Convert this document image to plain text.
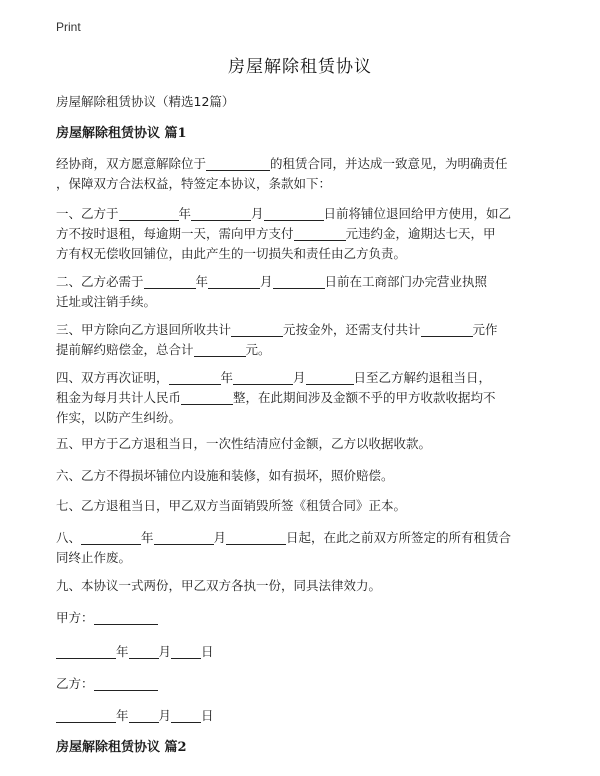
Print
房屋解除租赁协议
房屋解除租赁协议（精选12篇）
房屋解除租赁协议 篇1
经协商，双方愿意解除位于	的租赁合同，并达成一致意见，为明确责任
，保障双方合法权益，特签定本协议，条款如下：
一、乙方于	年	月	日前将铺位退回给甲方使用，如乙
方不按时退租，每逾期一天，需向甲方支付	元违约金，逾期达七天，甲
方有权无偿收回铺位，由此产生的一切损失和责任由乙方负责。
二、乙方必需于	年	月	日前在工商部门办完营业执照
迁址或注销手续。
三、甲方除向乙方退回所收共计	元按金外，还需支付共计	元作
提前解约赔偿金，总合计	元。
四、双方再次证明，	年	月	日至乙方解约退租当日，
租金为每月共计人民币	整，在此期间涉及金额不乎的甲方收款收据均不
作实，以防产生纠纷。
五、甲方于乙方退租当日，一次性结清应付金额，乙方以收据收款。
六、乙方不得损坏铺位内设施和装修，如有损坏，照价赔偿。
七、乙方退租当日，甲乙双方当面销毁所签《租赁合同》正本。
八、	年	月	日起，在此之前双方所签定的所有租赁合
同终止作废。
九、本协议一式两份，甲乙双方各执一份，同具法律效力。
甲方：
年 月 日
乙方：
年 月 日
房屋解除租赁协议 篇2
